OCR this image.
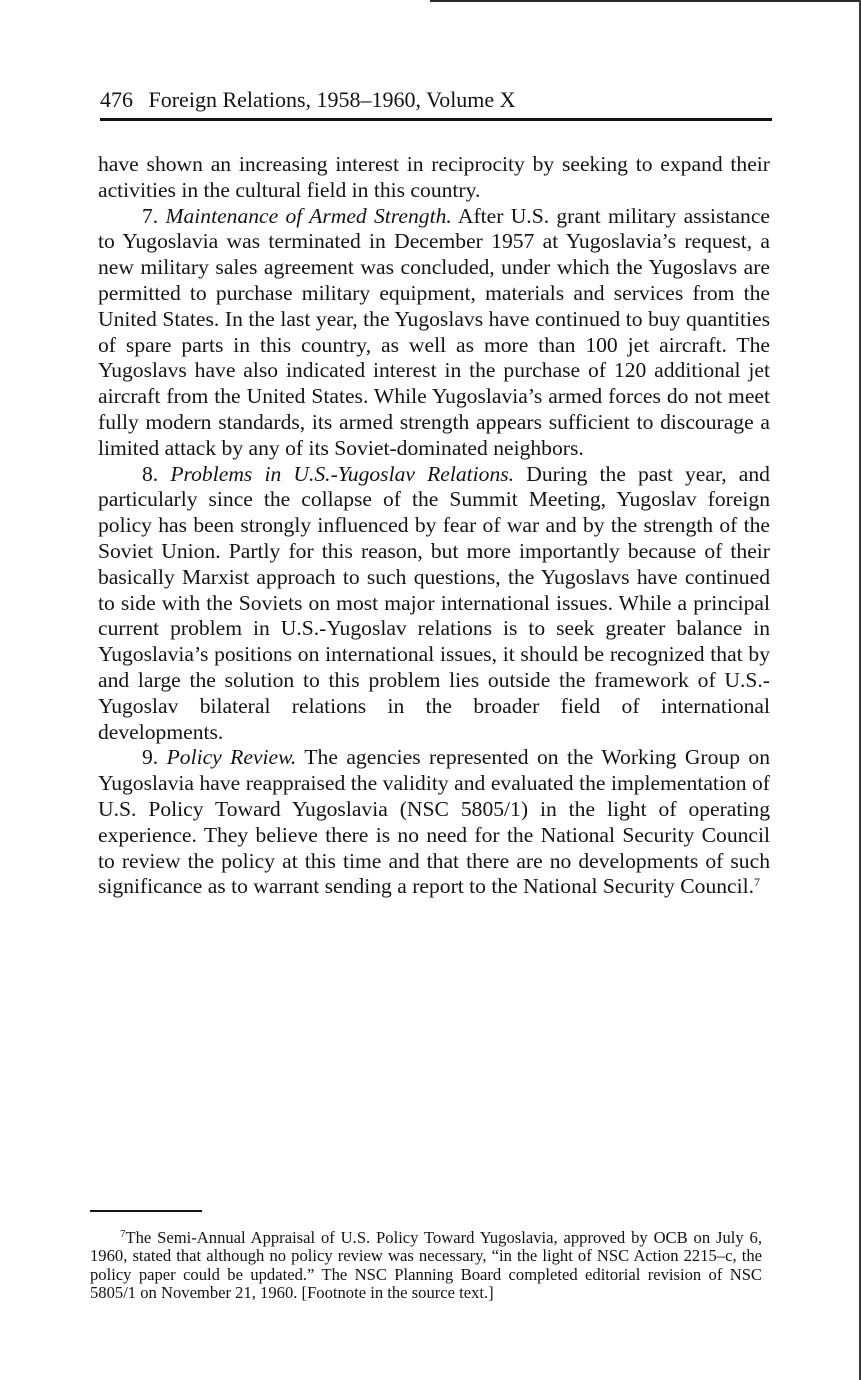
476 Foreign Relations, 1958–1960, Volume X

have shown an increasing interest in reciprocity by seeking to expand their activities in the cultural field in this country.

7. Maintenance of Armed Strength. After U.S. grant military assistance to Yugoslavia was terminated in December 1957 at Yugoslavia’s request, a new military sales agreement was concluded, under which the Yugoslavs are permitted to purchase military equipment, materials and services from the United States. In the last year, the Yugoslavs have continued to buy quantities of spare parts in this country, as well as more than 100 jet aircraft. The Yugoslavs have also indicated interest in the purchase of 120 additional jet aircraft from the United States. While Yugoslavia’s armed forces do not meet fully modern standards, its armed strength appears sufficient to discourage a limited attack by any of its Soviet-dominated neighbors.

8. Problems in U.S.-Yugoslav Relations. During the past year, and particularly since the collapse of the Summit Meeting, Yugoslav foreign policy has been strongly influenced by fear of war and by the strength of the Soviet Union. Partly for this reason, but more importantly because of their basically Marxist approach to such questions, the Yugoslavs have continued to side with the Soviets on most major international issues. While a principal current problem in U.S.-Yugoslav relations is to seek greater balance in Yugoslavia’s positions on international issues, it should be recognized that by and large the solution to this problem lies outside the framework of U.S.-Yugoslav bilateral relations in the broader field of international developments.

9. Policy Review. The agencies represented on the Working Group on Yugoslavia have reappraised the validity and evaluated the implementation of U.S. Policy Toward Yugoslavia (NSC 5805/1) in the light of operating experience. They believe there is no need for the National Security Council to review the policy at this time and that there are no developments of such significance as to warrant sending a report to the National Security Council.$^7$

$^7$The Semi-Annual Appraisal of U.S. Policy Toward Yugoslavia, approved by OCB on July 6, 1960, stated that although no policy review was necessary, “in the light of NSC Action 2215–c, the policy paper could be updated.” The NSC Planning Board completed editorial revision of NSC 5805/1 on November 21, 1960. [Footnote in the source text.]
